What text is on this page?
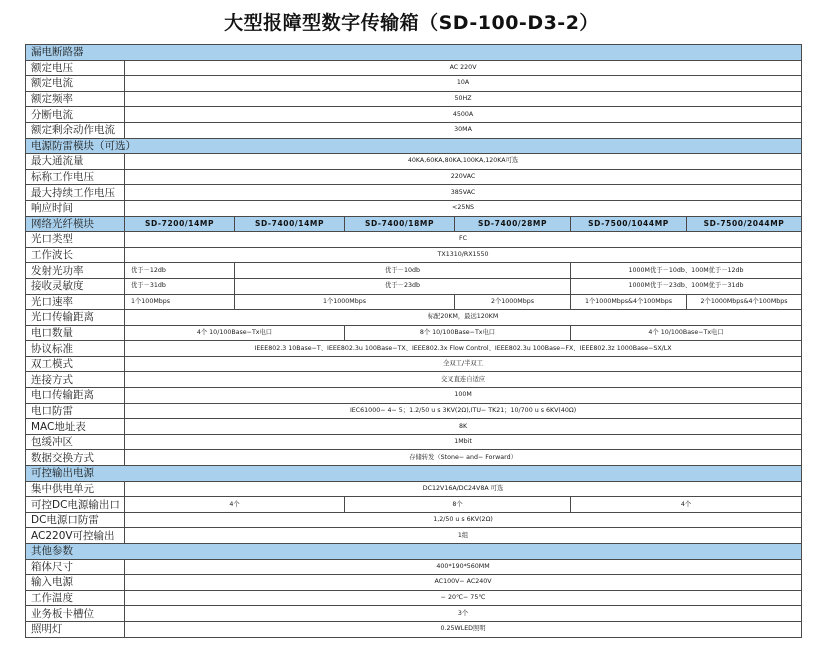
大型报障型数字传输箱（SD-100-D3-2）
漏电断路器						
额定电压	AC 220V					
额定电流	10A					
额定频率	50HZ					
分断电流	4500A					
额定剩余动作电流	30MA					
电源防雷模块（可选）						
最大通流量	40KA,60KA,80KA,100KA,120KA可选					
标称工作电压	220VAC					
最大持续工作电压	385VAC					
响应时间	<25NS					
网络光纤模块	SD-7200/14MP	SD-7400/14MP	SD-7400/18MP	SD-7400/28MP	SD-7500/1044MP	SD-7500/2044MP
光口类型	FC					
工作波长	TX1310/RX1550					
发射光功率	优于－12db	优于－10db			1000M优于－10db、100M优于－12db	
接收灵敏度	优于－31db	优于－23db			1000M优于－23db、100M优于－31db	
光口速率	1个100Mbps	1个1000Mbps		2个1000Mbps	1个1000Mbps&4个100Mbps	2个1000Mbps&4个100Mbps
光口传输距离	标配20KM，最远120KM					
电口数量	4个 10/100Base−Tx电口		8个 10/100Base−Tx电口		4个 10/100Base−Tx电口	
协议标准	IEEE802.3 10Base−T、IEEE802.3u 100Base−TX、IEEE802.3x Flow Control、IEEE802.3u 100Base−FX、IEEE802.3z 1000Base−SX/LX					
双工模式	全双工/半双工					
连接方式	交叉直连自适应					
电口传输距离	100M					
电口防雷	IEC61000− 4− 5；1.2/50 u s 3KV(2Ω),ITU− TK21；10/700 u s 6KV(40Ω)					
MAC地址表	8K					
包缓冲区	1Mbit					
数据交换方式	存储转发（Stone− and− Forward）					
可控输出电源						
集中供电单元	DC12V16A/DC24V8A 可选					
可控DC电源输出口	4个		8个		4个	
DC电源口防雷	1,2/50 u s 6KV(2Ω)					
AC220V可控输出	1组					
其他参数						
箱体尺寸	400*190*560MM					
输入电源	AC100V− AC240V					
工作温度	− 20℃− 75℃					
业务板卡槽位	3个					
照明灯	0.25WLED照明					
